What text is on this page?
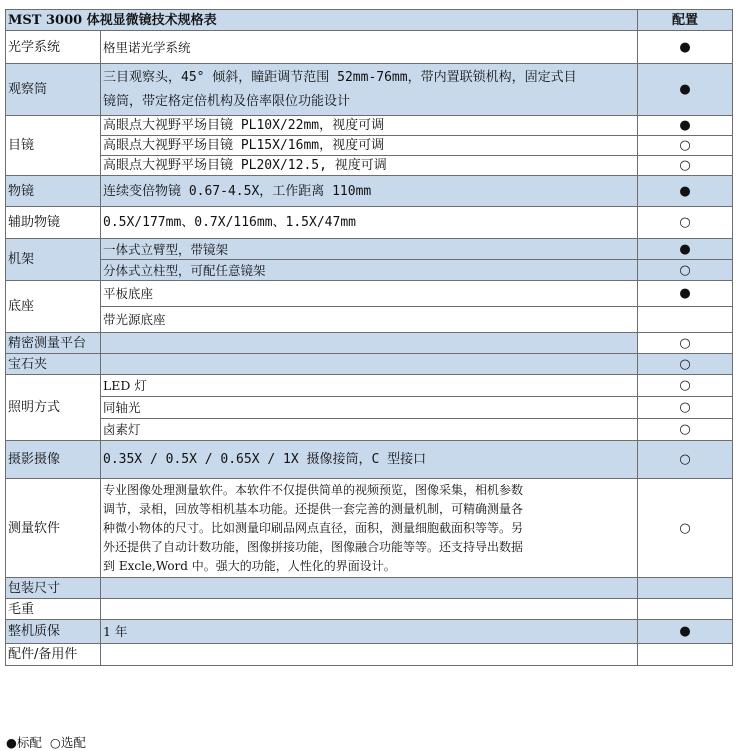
MST 3000 体视显微镜技术规格表		配置
光学系统	格里诺光学系统	●
观察筒	三目观察头，45° 倾斜，瞳距调节范围 52mm-76mm，带内置联锁机构，固定式目
镜筒，带定格定倍机构及倍率限位功能设计	●
目镜	高眼点大视野平场目镜 PL10X/22mm，视度可调	●
	高眼点大视野平场目镜 PL15X/16mm，视度可调	○
	高眼点大视野平场目镜 PL20X/12.5, 视度可调	○
物镜	连续变倍物镜 0.67-4.5X，工作距离 110mm	●
辅助物镜	0.5X/177mm、0.7X/116mm、1.5X/47mm	○
机架	一体式立臂型，带镜架	●
	分体式立柱型，可配任意镜架	○
底座	平板底座	●
	带光源底座	
精密测量平台		○
宝石夹		○
照明方式	LED 灯	○
	同轴光	○
	卤素灯	○
摄影摄像	0.35X / 0.5X / 0.65X / 1X 摄像接筒，C 型接口	○
测量软件	专业图像处理测量软件。本软件不仅提供简单的视频预览，图像采集，相机参数
调节，录相，回放等相机基本功能。还提供一套完善的测量机制，可精确测量各
种微小物体的尺寸。比如测量印刷品网点直径，面积，测量细胞截面积等等。另
外还提供了自动计数功能，图像拼接功能，图像融合功能等等。还支持导出数据
到 Excle,Word 中。强大的功能，人性化的界面设计。	○
包装尺寸		
毛重		
整机质保	1 年	●
配件/备用件		
●标配 ○选配
